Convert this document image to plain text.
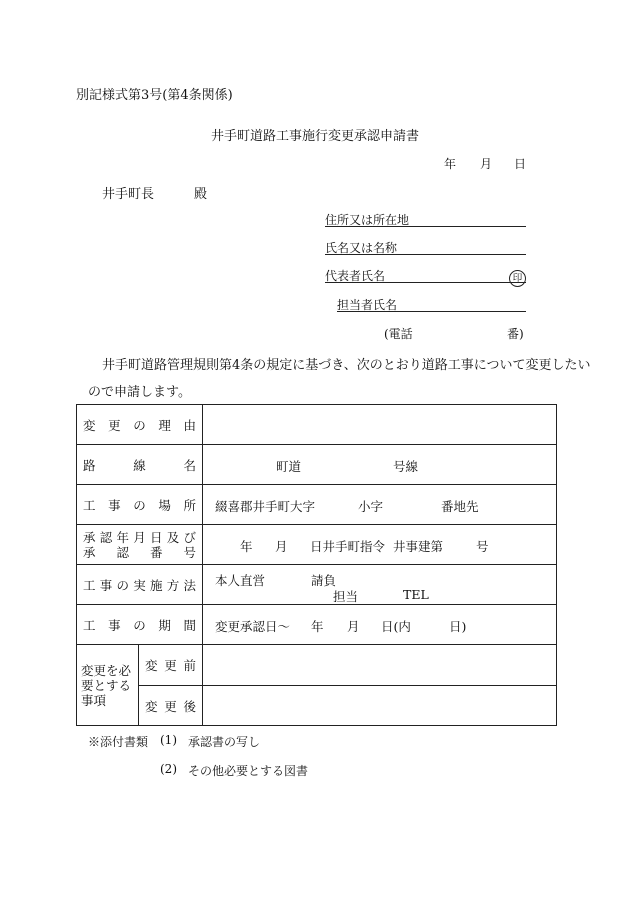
別記様式第3号(第4条関係)
井手町道路工事施行変更承認申請書
年 月 日
井手町長	殿
住所又は所在地
氏名又は名称
代表者氏名	印
担当者氏名
(電話	番)
井手町道路管理規則第4条の規定に基づき、次のとおり道路工事について変更したい
ので申請します。
変更の理由		
路線名		町道 号線

工事の場所		綴喜郡井手町大字 小字 番地先

承認年月日及び
承認番号		年 月 日井手町指令 井事建第 号

工事の実施方法		本人直営 請負
担当 TEL

工事の期間		変更承認日～ 年 月 日(内 日)

変更を必
要とする
事項	変更前	
	変更後	
※添付書類 (1) 承認書の写し
(2) その他必要とする図書
